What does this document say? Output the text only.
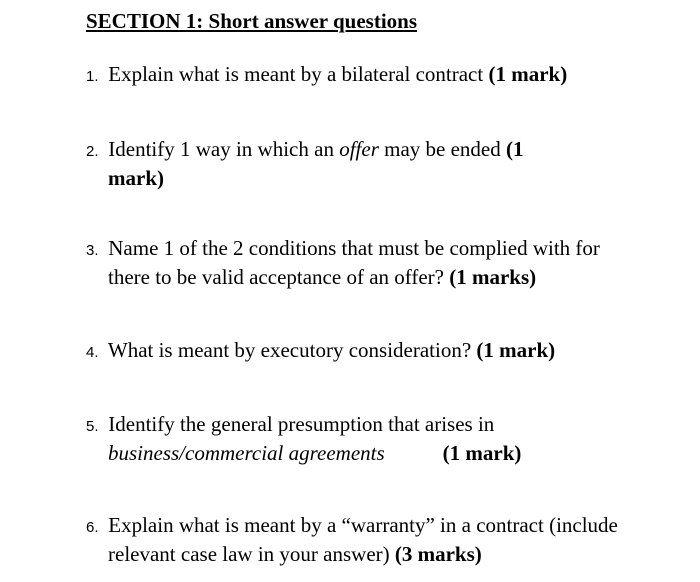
SECTION 1: Short answer questions
1. Explain what is meant by a bilateral contract (1 mark)
2. Identify 1 way in which an offer may be ended (1
mark)
3. Name 1 of the 2 conditions that must be complied with for
there to be valid acceptance of an offer? (1 marks)
4. What is meant by executory consideration? (1 mark)
5. Identify the general presumption that arises in
business/commercial agreements	(1 mark)
6. Explain what is meant by a “warranty” in a contract (include
relevant case law in your answer) (3 marks)
